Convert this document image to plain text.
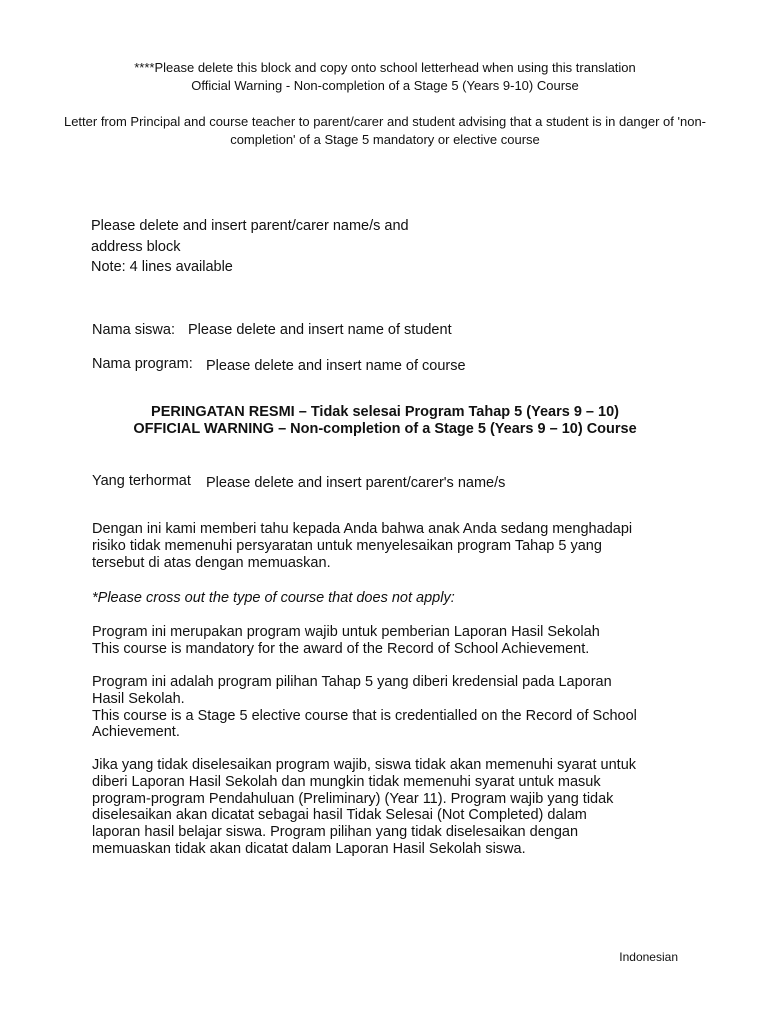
****Please delete this block and copy onto school letterhead when using this translation
Official Warning - Non-completion of a Stage 5 (Years 9-10) Course
Letter from Principal and course teacher to parent/carer and student advising that a student is in danger of 'non-completion' of a Stage 5 mandatory or elective course
Please delete and insert parent/carer name/s and
address block
Note: 4 lines available
Nama siswa: Please delete and insert name of student
Nama program: Please delete and insert name of course
PERINGATAN RESMI – Tidak selesai Program Tahap 5 (Years 9 – 10)
OFFICIAL WARNING – Non-completion of a Stage 5 (Years 9 – 10) Course
Yang terhormat Please delete and insert parent/carer's name/s
Dengan ini kami memberi tahu kepada Anda bahwa anak Anda sedang menghadapi
risiko tidak memenuhi persyaratan untuk menyelesaikan program Tahap 5 yang
tersebut di atas dengan memuaskan.
*Please cross out the type of course that does not apply:
Program ini merupakan program wajib untuk pemberian Laporan Hasil Sekolah
This course is mandatory for the award of the Record of School Achievement.
Program ini adalah program pilihan Tahap 5 yang diberi kredensial pada Laporan
Hasil Sekolah.
This course is a Stage 5 elective course that is credentialled on the Record of School
Achievement.
Jika yang tidak diselesaikan program wajib, siswa tidak akan memenuhi syarat untuk
diberi Laporan Hasil Sekolah dan mungkin tidak memenuhi syarat untuk masuk
program-program Pendahuluan (Preliminary) (Year 11). Program wajib yang tidak
diselesaikan akan dicatat sebagai hasil Tidak Selesai (Not Completed) dalam
laporan hasil belajar siswa. Program pilihan yang tidak diselesaikan dengan
memuaskan tidak akan dicatat dalam Laporan Hasil Sekolah siswa.
Indonesian
